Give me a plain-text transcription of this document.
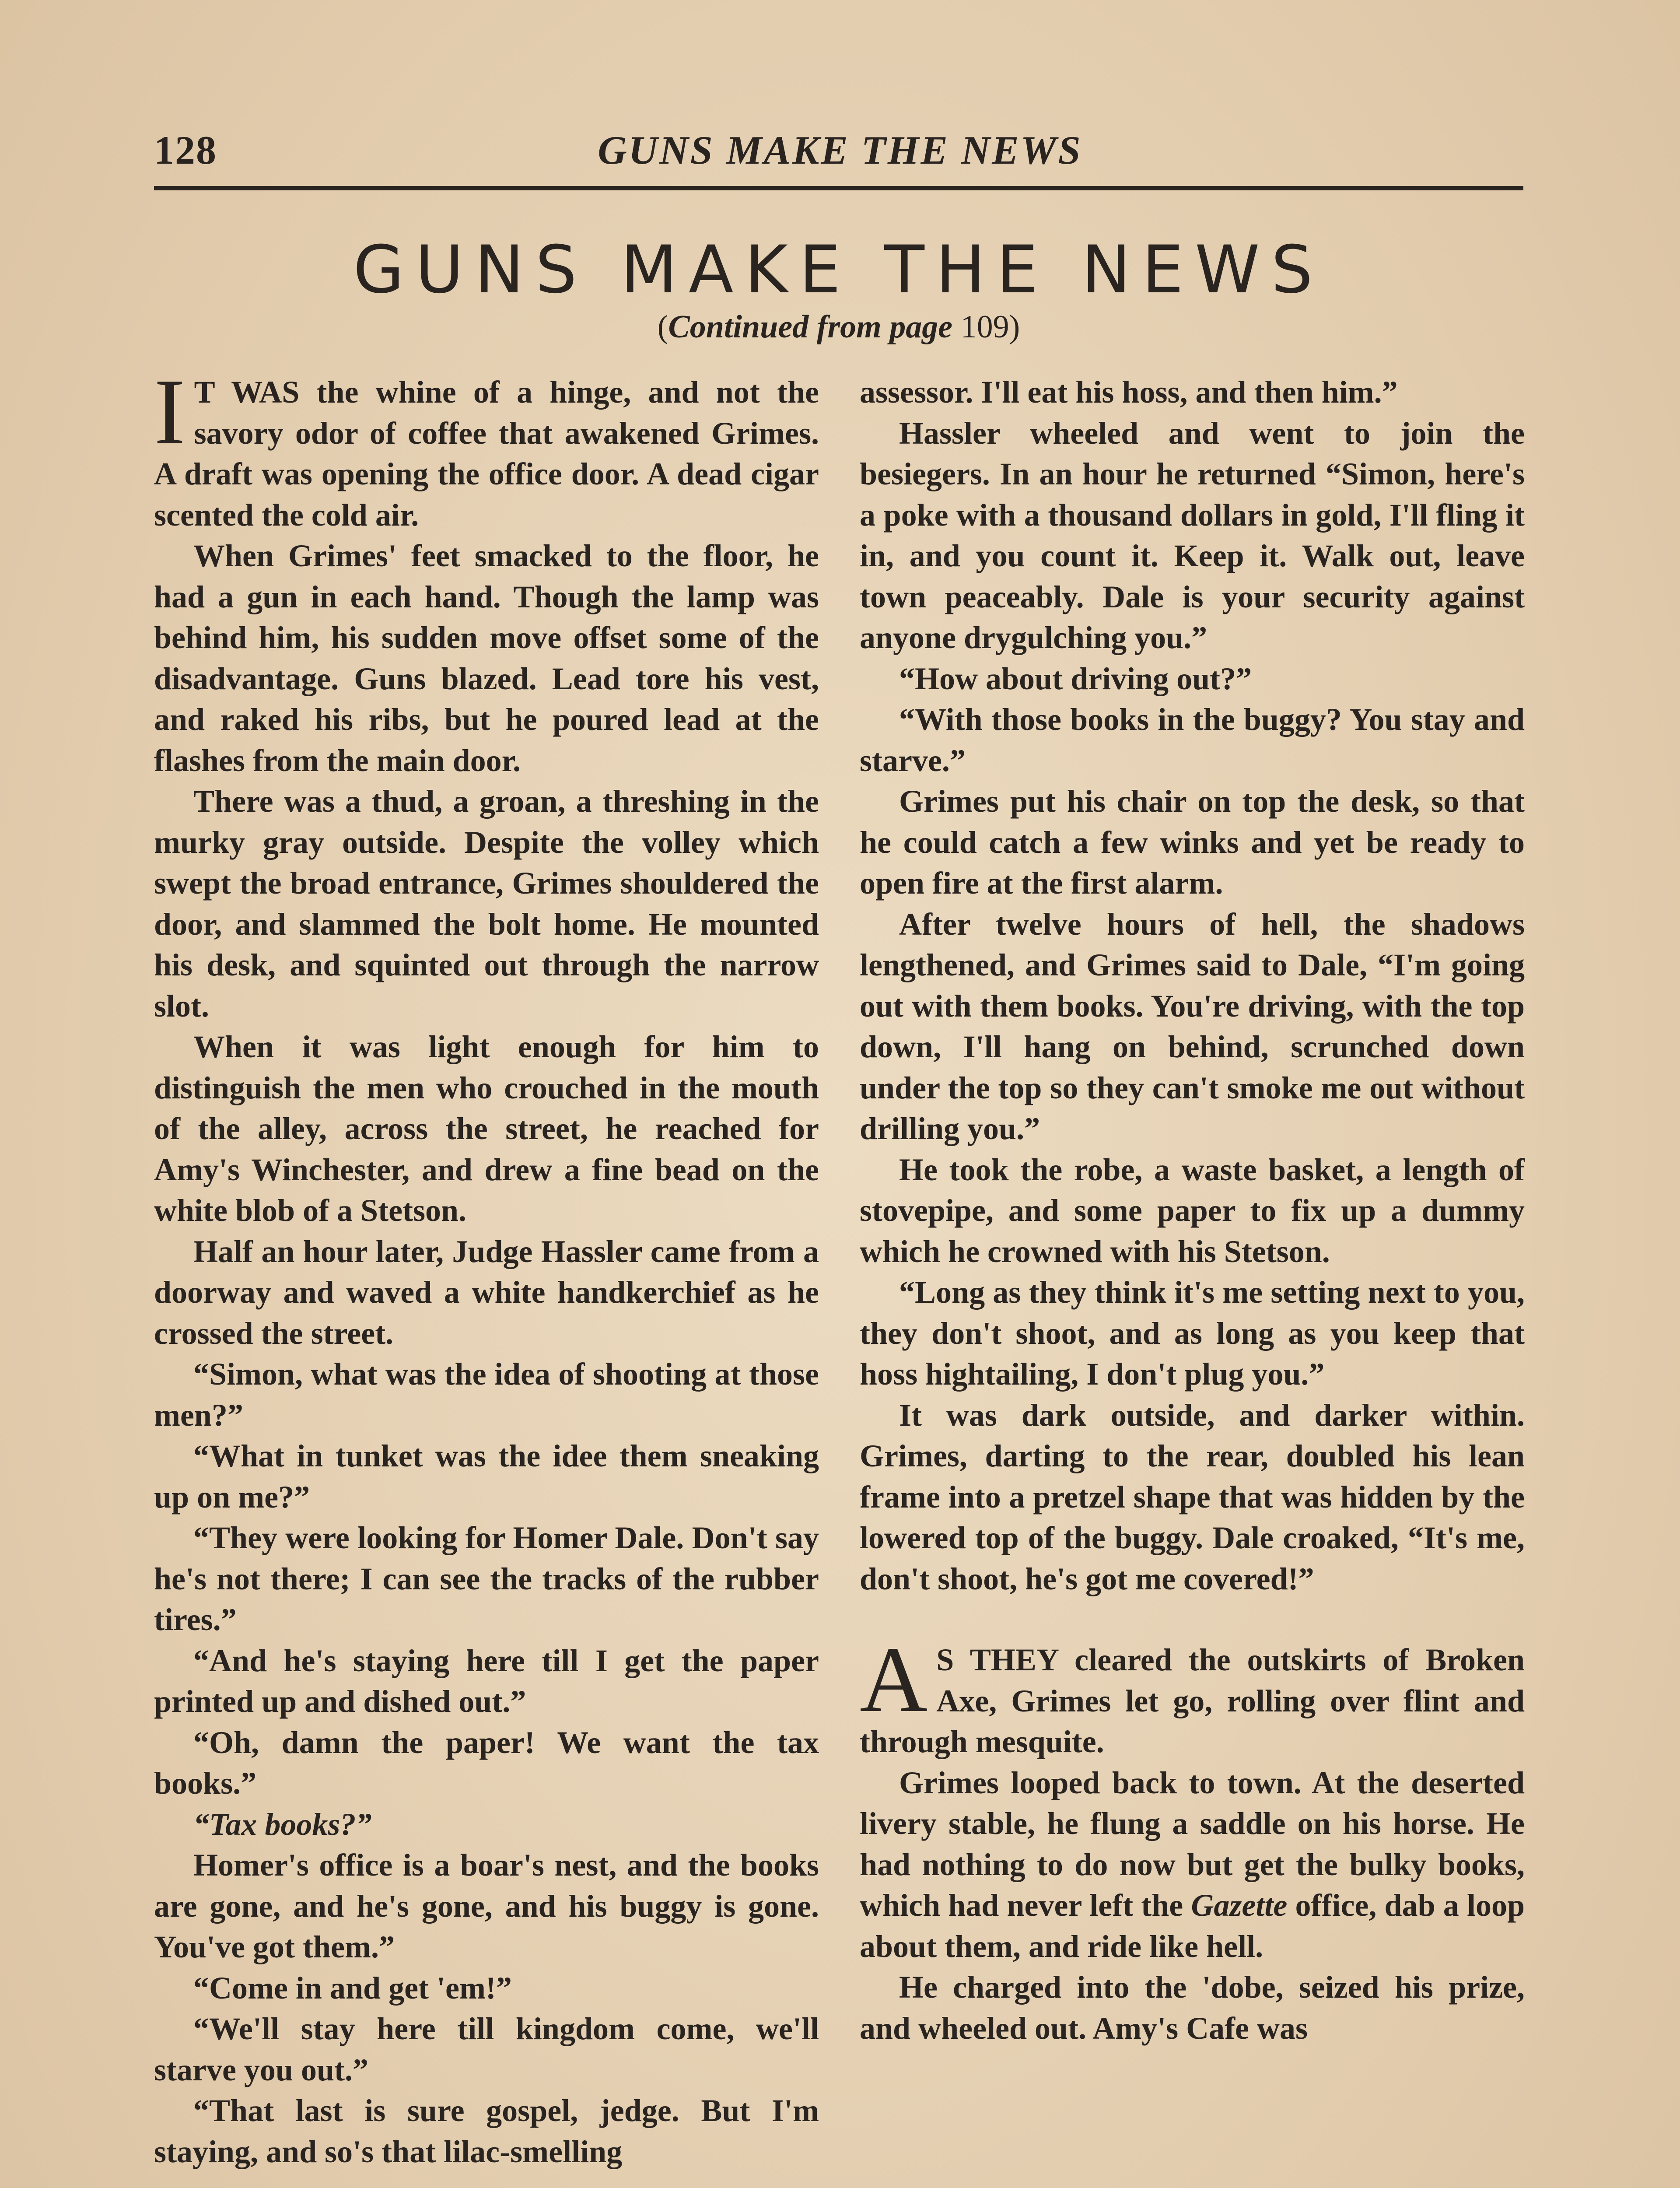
128	GUNS MAKE THE NEWS
GUNS MAKE THE NEWS
(Continued from page 109)

I T WAS the whine of a hinge, and not the savory odor of coffee that awakened Grimes. A draft was opening the office door. A dead cigar scented the cold air.

When Grimes' feet smacked to the floor, he had a gun in each hand. Though the lamp was behind him, his sudden move offset some of the disadvantage. Guns blazed. Lead tore his vest, and raked his ribs, but he poured lead at the flashes from the main door.

There was a thud, a groan, a threshing in the murky gray outside. Despite the volley which swept the broad entrance, Grimes shouldered the door, and slammed the bolt home. He mounted his desk, and squinted out through the narrow slot.

When it was light enough for him to distinguish the men who crouched in the mouth of the alley, across the street, he reached for Amy's Winchester, and drew a fine bead on the white blob of a Stetson.

Half an hour later, Judge Hassler came from a doorway and waved a white handkerchief as he crossed the street.

“Simon, what was the idea of shooting at those men?”

“What in tunket was the idee them sneaking up on me?”

“They were looking for Homer Dale. Don't say he's not there; I can see the tracks of the rubber tires.”

“And he's staying here till I get the paper printed up and dished out.”

“Oh, damn the paper! We want the tax books.”

“Tax books?”

Homer's office is a boar's nest, and the books are gone, and he's gone, and his buggy is gone. You've got them.”

“Come in and get 'em!”

“We'll stay here till kingdom come, we'll starve you out.”

“That last is sure gospel, jedge. But I'm staying, and so's that lilac-smelling

assessor. I'll eat his hoss, and then him.”

Hassler wheeled and went to join the besiegers. In an hour he returned “Simon, here's a poke with a thousand dollars in gold, I'll fling it in, and you count it. Keep it. Walk out, leave town peaceably. Dale is your security against anyone drygulching you.”

“How about driving out?”

“With those books in the buggy? You stay and starve.”

Grimes put his chair on top the desk, so that he could catch a few winks and yet be ready to open fire at the first alarm.

After twelve hours of hell, the shadows lengthened, and Grimes said to Dale, “I'm going out with them books. You're driving, with the top down, I'll hang on behind, scrunched down under the top so they can't smoke me out without drilling you.”

He took the robe, a waste basket, a length of stovepipe, and some paper to fix up a dummy which he crowned with his Stetson.

“Long as they think it's me setting next to you, they don't shoot, and as long as you keep that hoss hightailing, I don't plug you.”

It was dark outside, and darker within. Grimes, darting to the rear, doubled his lean frame into a pretzel shape that was hidden by the lowered top of the buggy. Dale croaked, “It's me, don't shoot, he's got me covered!”

A S THEY cleared the outskirts of Broken Axe, Grimes let go, rolling over flint and through mesquite.

Grimes looped back to town. At the deserted livery stable, he flung a saddle on his horse. He had nothing to do now but get the bulky books, which had never left the Gazette office, dab a loop about them, and ride like hell.

He charged into the 'dobe, seized his prize, and wheeled out. Amy's Cafe was
